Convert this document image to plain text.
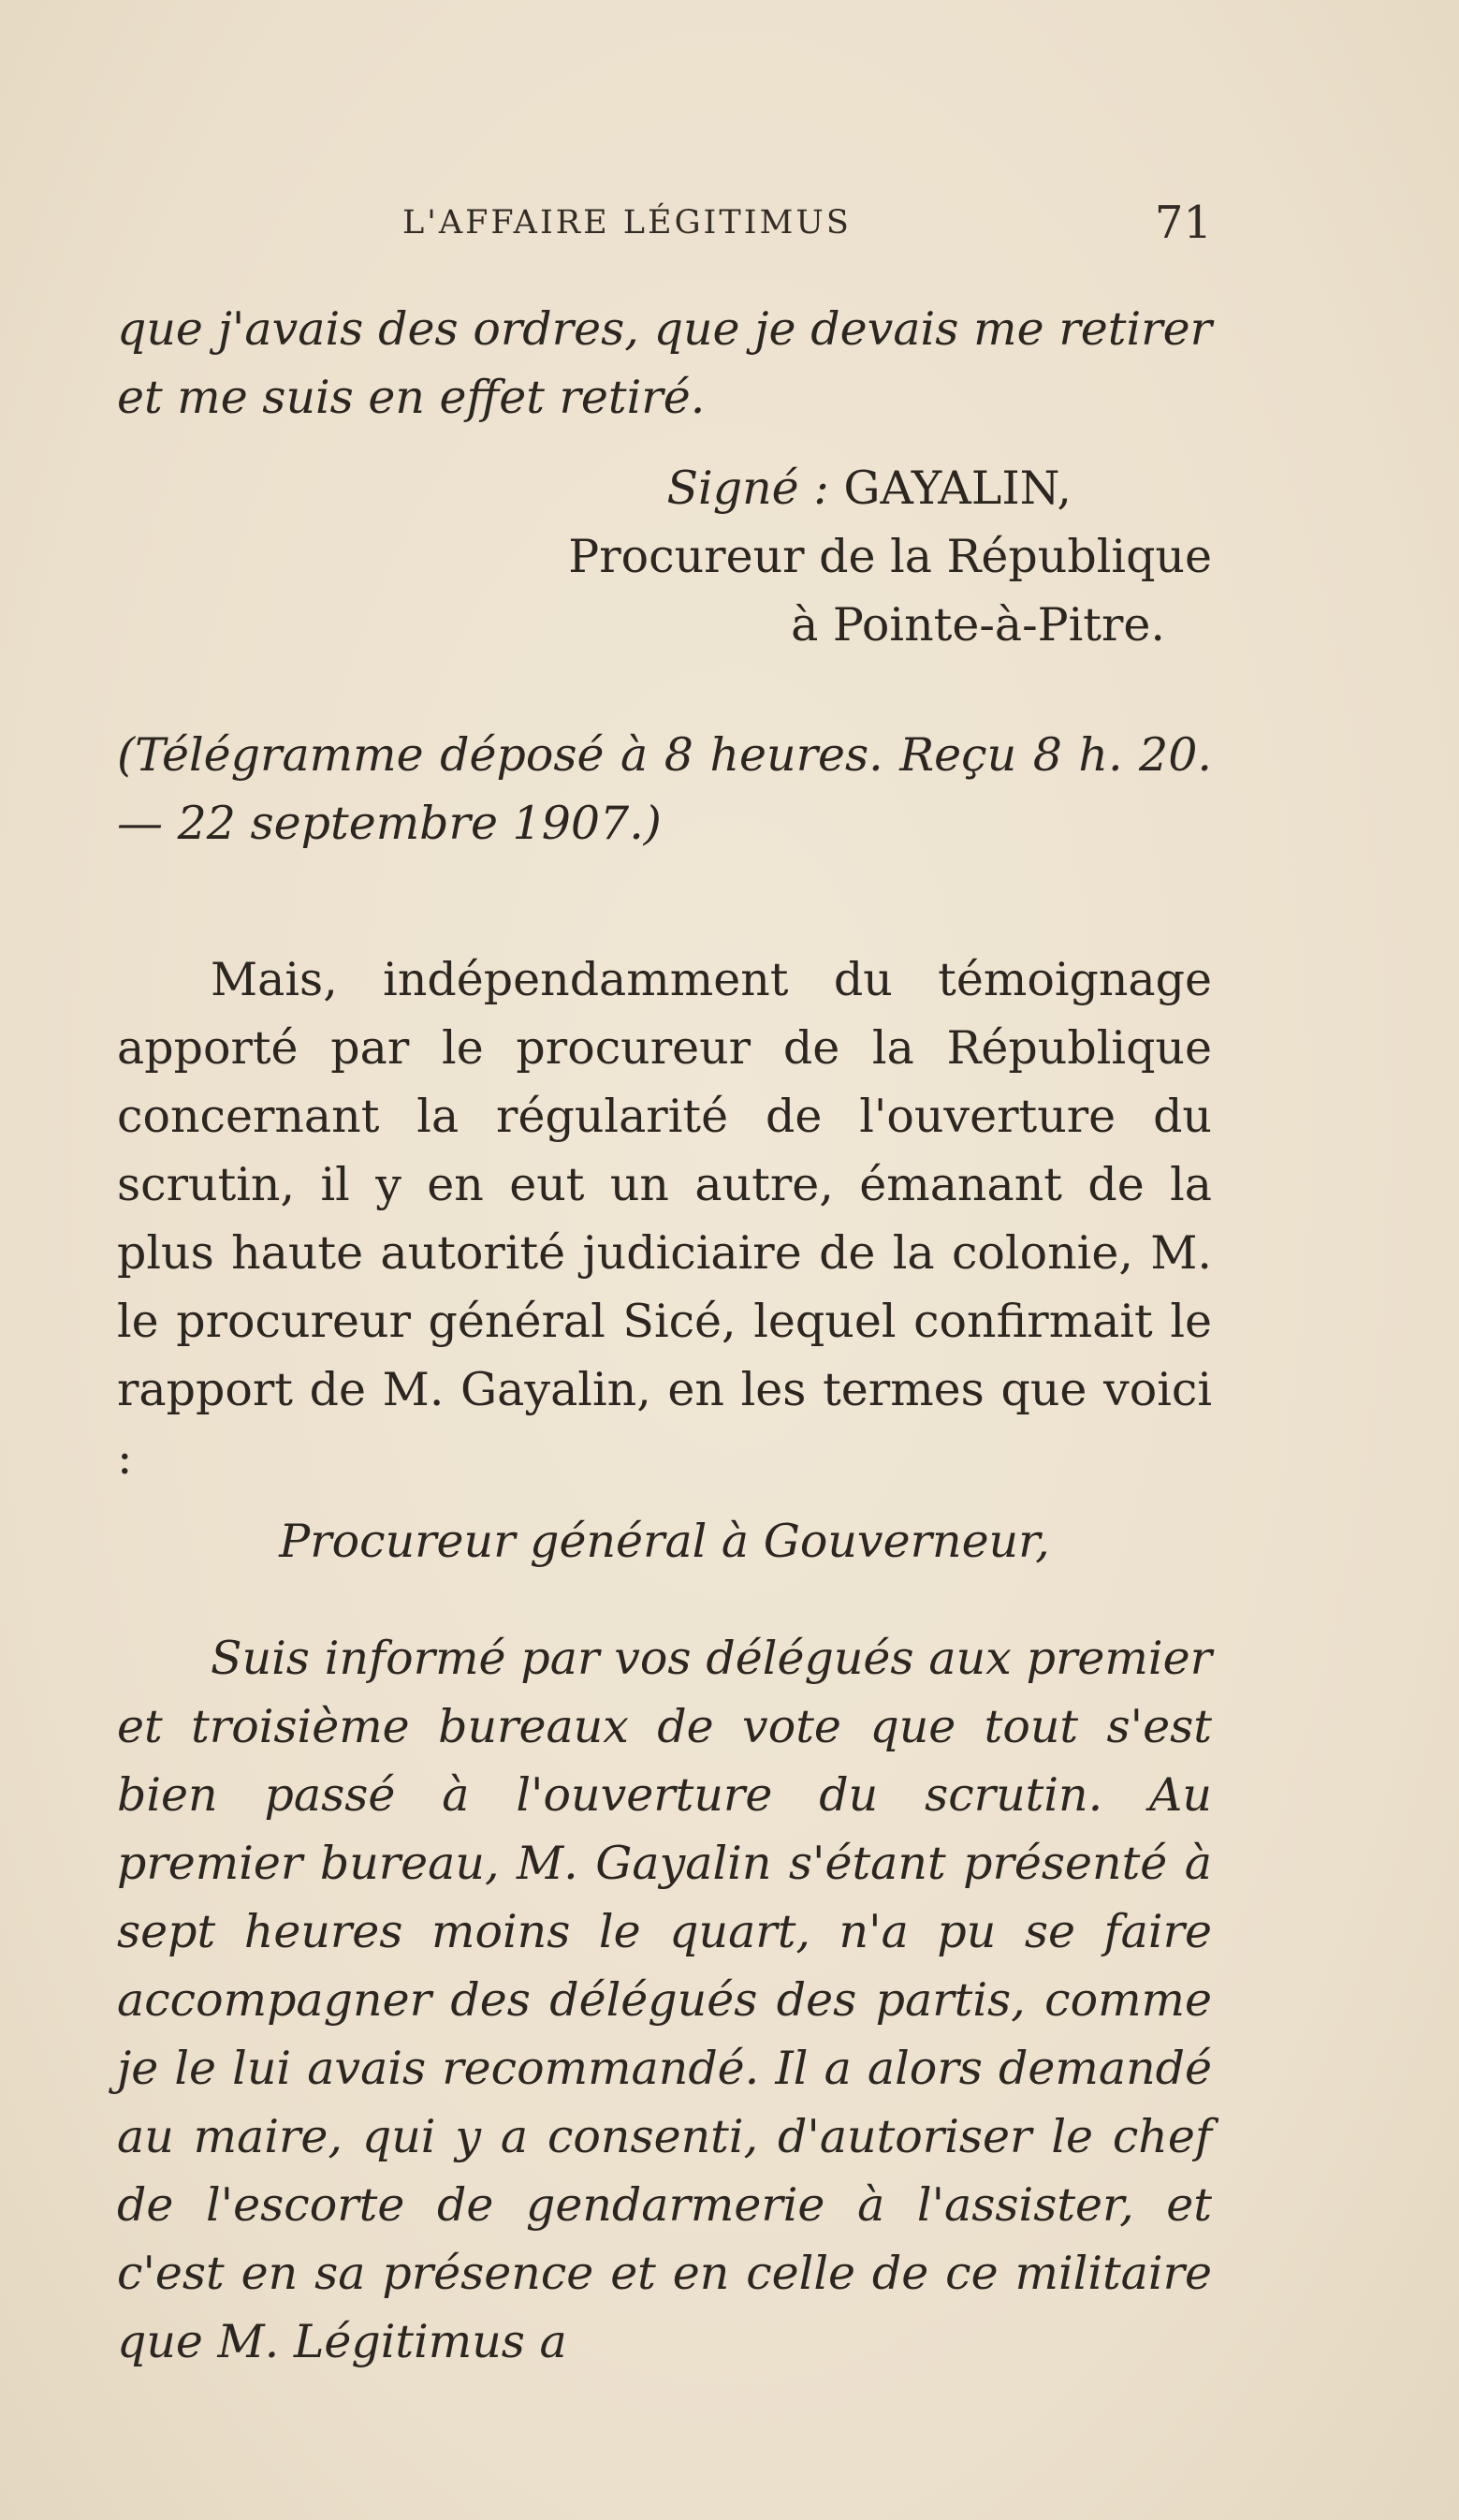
L'AFFAIRE LÉGITIMUS	71

que j'avais des ordres, que je devais me retirer et me suis en effet retiré.

Signé : GAYALIN,
Procureur de la République
à Pointe-à-Pitre.

(Télégramme déposé à 8 heures. Reçu 8 h. 20. — 22 septembre 1907.)

Mais, indépendamment du témoignage apporté par le procureur de la République concernant la régularité de l'ouverture du scrutin, il y en eut un autre, émanant de la plus haute autorité judiciaire de la colonie, M. le procureur général Sicé, lequel confirmait le rapport de M. Gayalin, en les termes que voici :

Procureur général à Gouverneur,

Suis informé par vos délégués aux premier et troisième bureaux de vote que tout s'est bien passé à l'ouverture du scrutin. Au premier bureau, M. Gayalin s'étant présenté à sept heures moins le quart, n'a pu se faire accompagner des délégués des partis, comme je le lui avais recommandé. Il a alors demandé au maire, qui y a consenti, d'autoriser le chef de l'escorte de gendarmerie à l'assister, et c'est en sa présence et en celle de ce militaire que M. Légitimus a
